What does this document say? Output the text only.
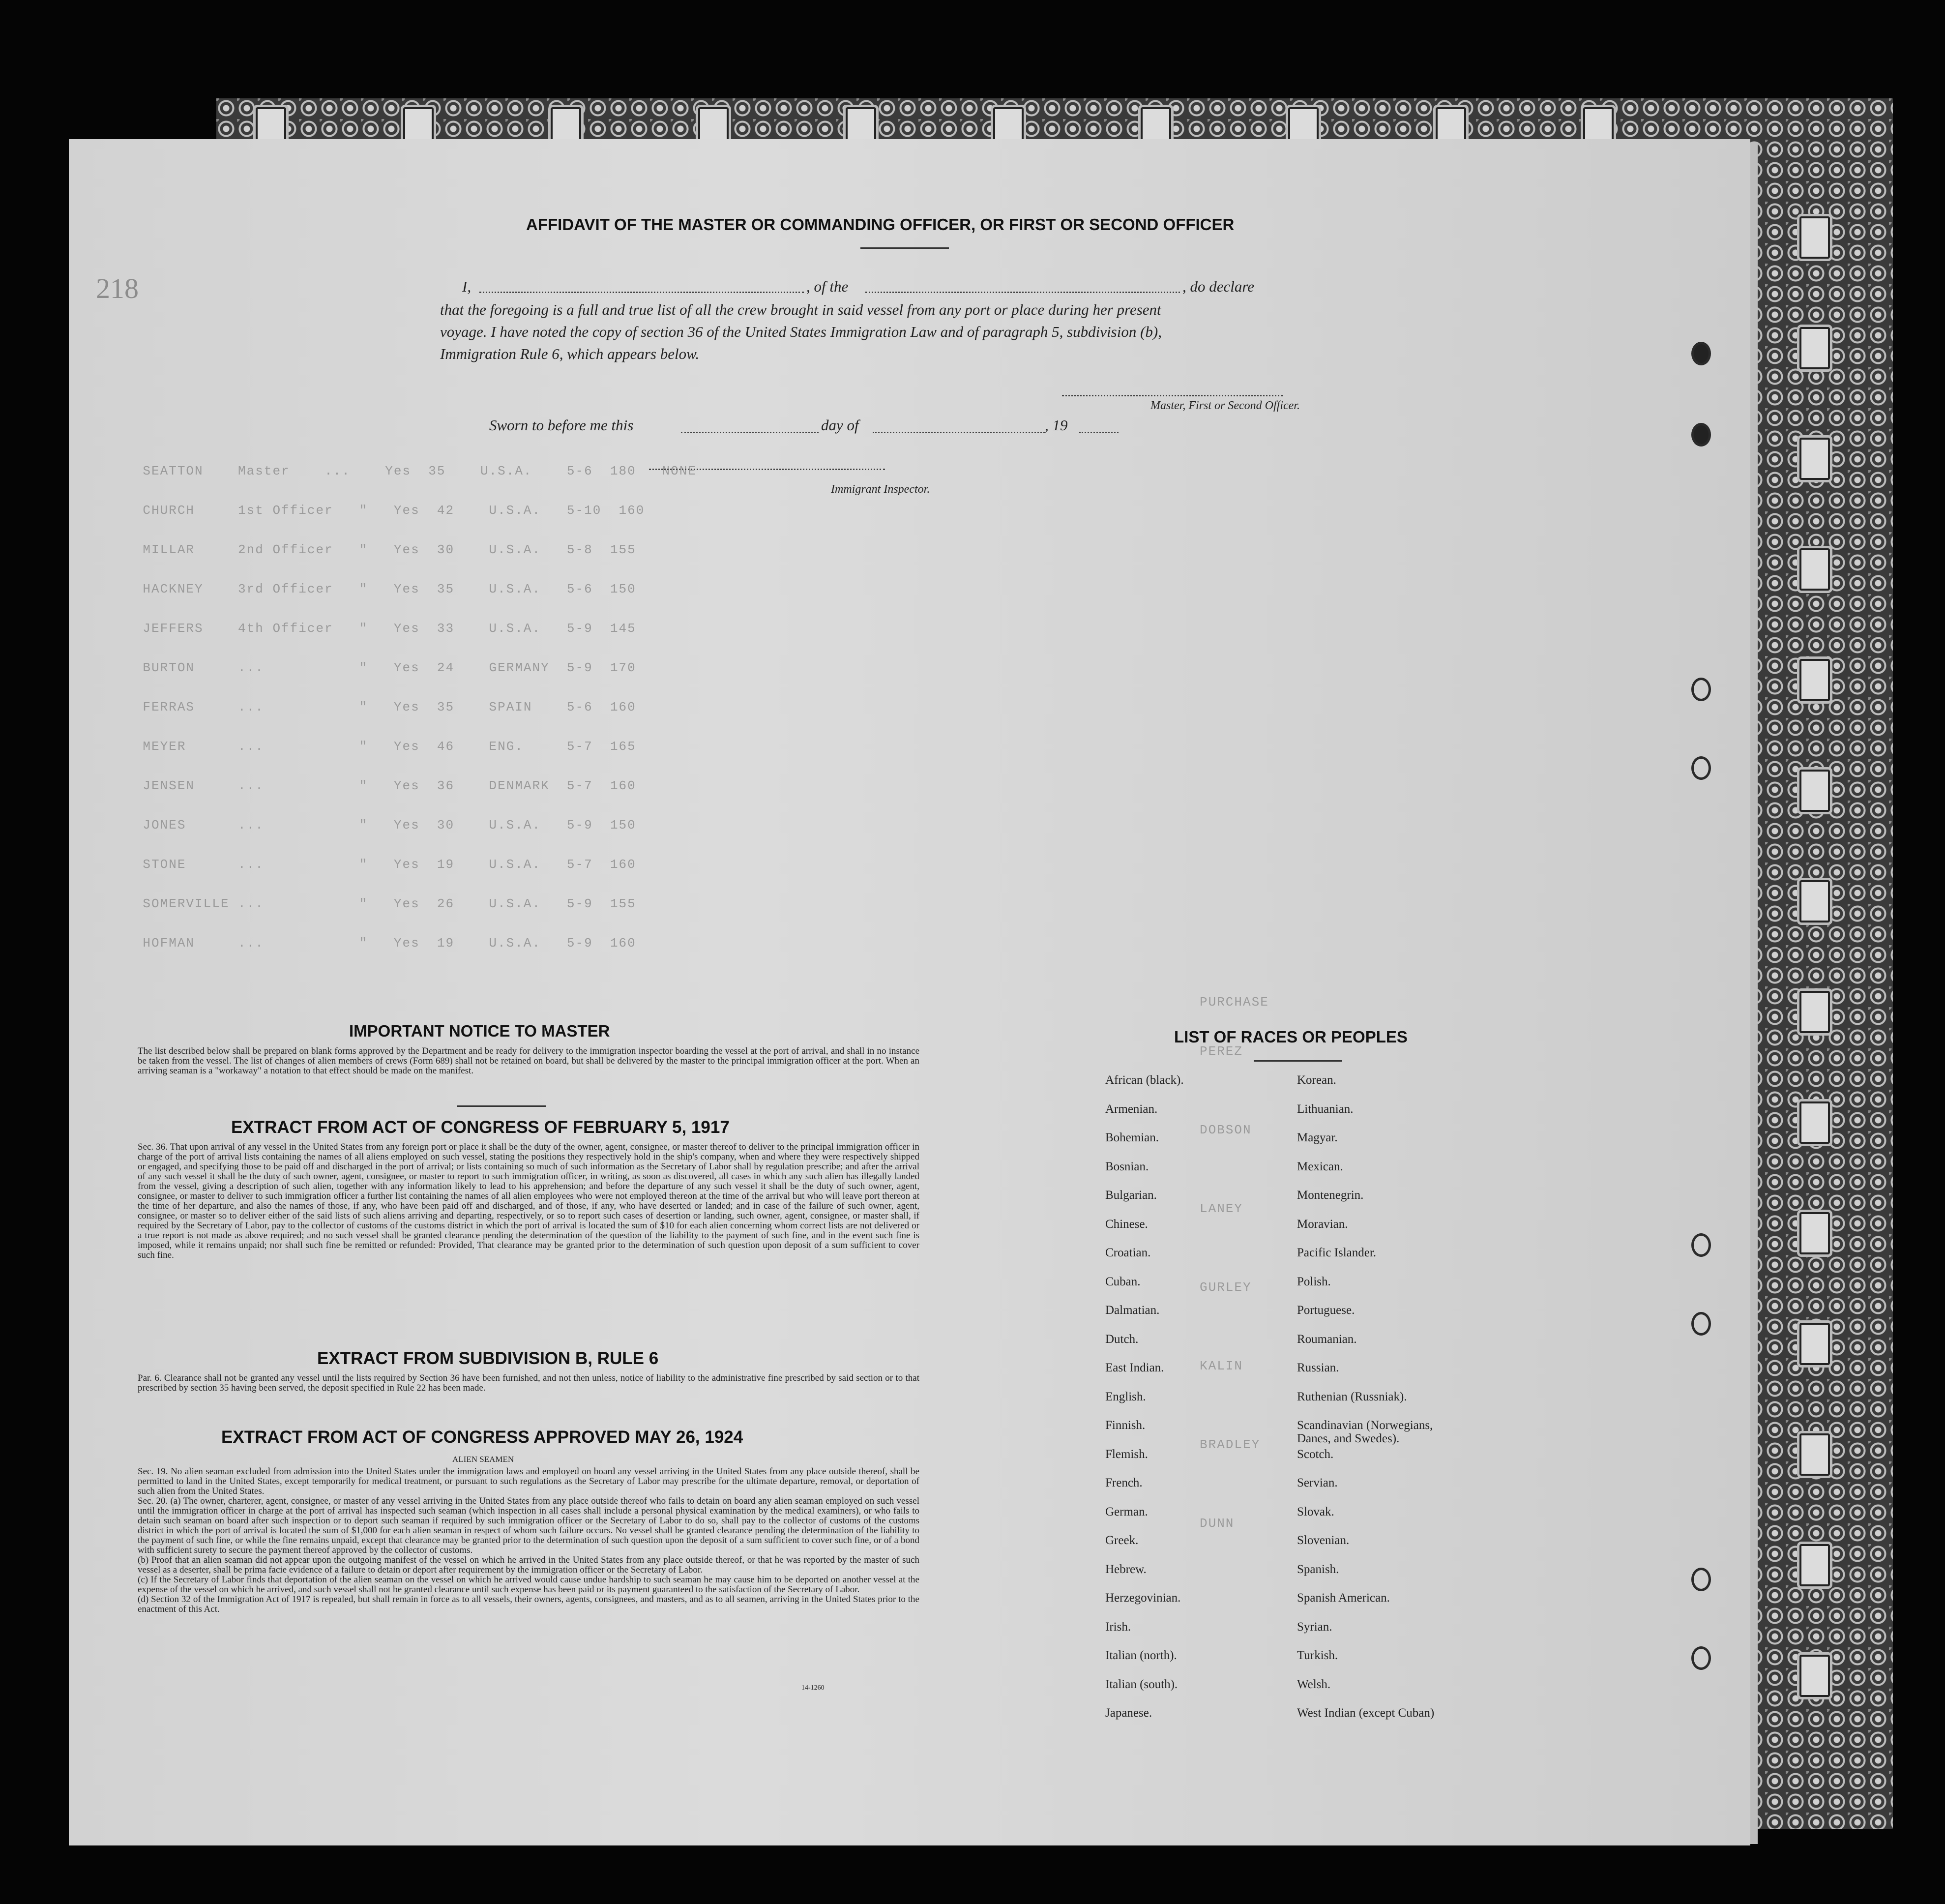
SEATTON    Master    ...    Yes  35    U.S.A.    5-6  180   NONE
CHURCH     1st Officer   "   Yes  42    U.S.A.   5-10  160
MILLAR     2nd Officer   "   Yes  30    U.S.A.   5-8  155
HACKNEY    3rd Officer   "   Yes  35    U.S.A.   5-6  150
JEFFERS    4th Officer   "   Yes  33    U.S.A.   5-9  145
BURTON     ...           "   Yes  24    GERMANY  5-9  170
FERRAS     ...           "   Yes  35    SPAIN    5-6  160
MEYER      ...           "   Yes  46    ENG.     5-7  165
JENSEN     ...           "   Yes  36    DENMARK  5-7  160
JONES      ...           "   Yes  30    U.S.A.   5-9  150
STONE      ...           "   Yes  19    U.S.A.   5-7  160
SOMERVILLE ...           "   Yes  26    U.S.A.   5-9  155
HOFMAN     ...           "   Yes  19    U.S.A.   5-9  160
PURCHASE
PEREZ
DOBSON
LANEY
GURLEY
KALIN
BRADLEY
DUNN
218
AFFIDAVIT OF THE MASTER OR COMMANDING OFFICER, OR FIRST OR SECOND OFFICER
I,	, of the	, do declare
that the foregoing is a full and true list of all the crew brought in said vessel from any port or place during her present
voyage. I have noted the copy of section 36 of the United States Immigration Law and of paragraph 5, subdivision (b),
Immigration Rule 6, which appears below.
Master, First or Second Officer.
Sworn to before me this	day of	, 19
Immigrant Inspector.
IMPORTANT NOTICE TO MASTER
The list described below shall be prepared on blank forms approved by the Department and be ready for delivery to the immigration inspector boarding the vessel at the port of arrival, and shall in no instance be taken from the vessel. The list of changes of alien members of crews (Form 689) shall not be retained on board, but shall be delivered by the master to the principal immigration officer at the port. When an arriving seaman is a "workaway" a notation to that effect should be made on the manifest.
EXTRACT FROM ACT OF CONGRESS OF FEBRUARY 5, 1917
Sec. 36. That upon arrival of any vessel in the United States from any foreign port or place it shall be the duty of the owner, agent, consignee, or master thereof to deliver to the principal immigration officer in charge of the port of arrival lists containing the names of all aliens employed on such vessel, stating the positions they respectively hold in the ship's company, when and where they were respectively shipped or engaged, and specifying those to be paid off and discharged in the port of arrival; or lists containing so much of such information as the Secretary of Labor shall by regulation prescribe; and after the arrival of any such vessel it shall be the duty of such owner, agent, consignee, or master to report to such immigration officer, in writing, as soon as discovered, all cases in which any such alien has illegally landed from the vessel, giving a description of such alien, together with any information likely to lead to his apprehension; and before the departure of any such vessel it shall be the duty of such owner, agent, consignee, or master to deliver to such immigration officer a further list containing the names of all alien employees who were not employed thereon at the time of the arrival but who will leave port thereon at the time of her departure, and also the names of those, if any, who have been paid off and discharged, and of those, if any, who have deserted or landed; and in case of the failure of such owner, agent, consignee, or master so to deliver either of the said lists of such aliens arriving and departing, respectively, or so to report such cases of desertion or landing, such owner, agent, consignee, or master shall, if required by the Secretary of Labor, pay to the collector of customs of the customs district in which the port of arrival is located the sum of $10 for each alien concerning whom correct lists are not delivered or a true report is not made as above required; and no such vessel shall be granted clearance pending the determination of the question of the liability to the payment of such fine, and in the event such fine is imposed, while it remains unpaid; nor shall such fine be remitted or refunded: Provided, That clearance may be granted prior to the determination of such question upon deposit of a sum sufficient to cover such fine.
EXTRACT FROM SUBDIVISION B, RULE 6
Par. 6. Clearance shall not be granted any vessel until the lists required by Section 36 have been furnished, and not then unless, notice of liability to the administrative fine prescribed by said section or to that prescribed by section 35 having been served, the deposit specified in Rule 22 has been made.
EXTRACT FROM ACT OF CONGRESS APPROVED MAY 26, 1924
ALIEN SEAMEN
Sec. 19. No alien seaman excluded from admission into the United States under the immigration laws and employed on board any vessel arriving in the United States from any place outside thereof, shall be permitted to land in the United States, except temporarily for medical treatment, or pursuant to such regulations as the Secretary of Labor may prescribe for the ultimate departure, removal, or deportation of such alien from the United States.
Sec. 20. (a) The owner, charterer, agent, consignee, or master of any vessel arriving in the United States from any place outside thereof who fails to detain on board any alien seaman employed on such vessel until the immigration officer in charge at the port of arrival has inspected such seaman (which inspection in all cases shall include a personal physical examination by the medical examiners), or who fails to detain such seaman on board after such inspection or to deport such seaman if required by such immigration officer or the Secretary of Labor to do so, shall pay to the collector of customs of the customs district in which the port of arrival is located the sum of $1,000 for each alien seaman in respect of whom such failure occurs. No vessel shall be granted clearance pending the determination of the liability to the payment of such fine, or while the fine remains unpaid, except that clearance may be granted prior to the determination of such question upon the deposit of a sum sufficient to cover such fine, or of a bond with sufficient surety to secure the payment thereof approved by the collector of customs.
(b) Proof that an alien seaman did not appear upon the outgoing manifest of the vessel on which he arrived in the United States from any place outside thereof, or that he was reported by the master of such vessel as a deserter, shall be prima facie evidence of a failure to detain or deport after requirement by the immigration officer or the Secretary of Labor.
(c) If the Secretary of Labor finds that deportation of the alien seaman on the vessel on which he arrived would cause undue hardship to such seaman he may cause him to be deported on another vessel at the expense of the vessel on which he arrived, and such vessel shall not be granted clearance until such expense has been paid or its payment guaranteed to the satisfaction of the Secretary of Labor.
(d) Section 32 of the Immigration Act of 1917 is repealed, but shall remain in force as to all vessels, their owners, agents, consignees, and masters, and as to all seamen, arriving in the United States prior to the enactment of this Act.
14-1260
LIST OF RACES OR PEOPLES
African (black).
Armenian.
Bohemian.
Bosnian.
Bulgarian.
Chinese.
Croatian.
Cuban.
Dalmatian.
Dutch.
East Indian.
English.
Finnish.
Flemish.
French.
German.
Greek.
Hebrew.
Herzegovinian.
Irish.
Italian (north).
Italian (south).
Japanese.
Korean.
Lithuanian.
Magyar.
Mexican.
Montenegrin.
Moravian.
Pacific Islander.
Polish.
Portuguese.
Roumanian.
Russian.
Ruthenian (Russniak).
Scandinavian (Norwegians,
Danes, and Swedes).
Scotch.
Servian.
Slovak.
Slovenian.
Spanish.
Spanish American.
Syrian.
Turkish.
Welsh.
West Indian (except Cuban)
